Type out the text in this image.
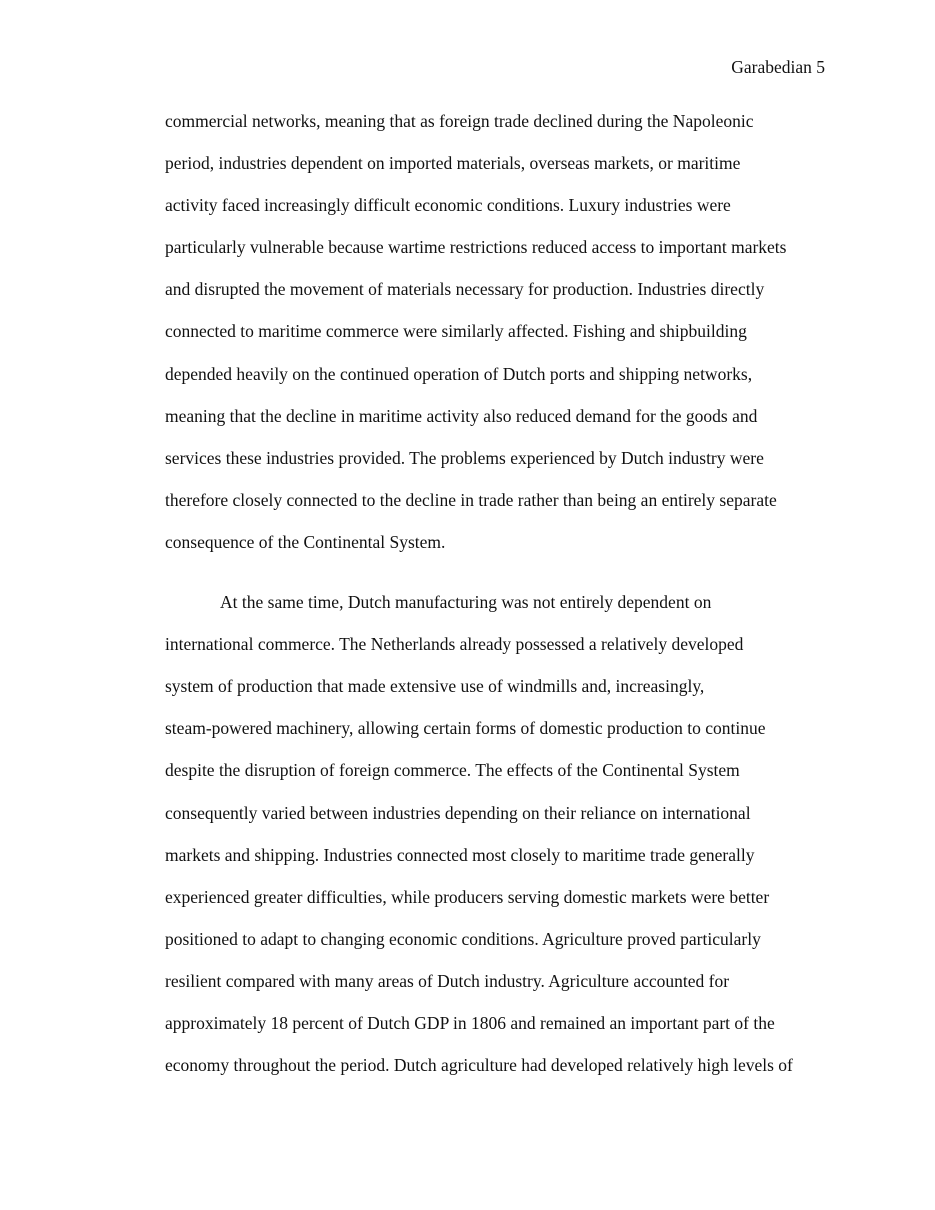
Garabedian 5
commercial networks, meaning that as foreign trade declined during the Napoleonic
period, industries dependent on imported materials, overseas markets, or maritime
activity faced increasingly difficult economic conditions. Luxury industries were
particularly vulnerable because wartime restrictions reduced access to important markets
and disrupted the movement of materials necessary for production. Industries directly
connected to maritime commerce were similarly affected. Fishing and shipbuilding
depended heavily on the continued operation of Dutch ports and shipping networks,
meaning that the decline in maritime activity also reduced demand for the goods and
services these industries provided. The problems experienced by Dutch industry were
therefore closely connected to the decline in trade rather than being an entirely separate
consequence of the Continental System.
At the same time, Dutch manufacturing was not entirely dependent on
international commerce. The Netherlands already possessed a relatively developed
system of production that made extensive use of windmills and, increasingly,
steam-powered machinery, allowing certain forms of domestic production to continue
despite the disruption of foreign commerce. The effects of the Continental System
consequently varied between industries depending on their reliance on international
markets and shipping. Industries connected most closely to maritime trade generally
experienced greater difficulties, while producers serving domestic markets were better
positioned to adapt to changing economic conditions. Agriculture proved particularly
resilient compared with many areas of Dutch industry. Agriculture accounted for
approximately 18 percent of Dutch GDP in 1806 and remained an important part of the
economy throughout the period. Dutch agriculture had developed relatively high levels of
